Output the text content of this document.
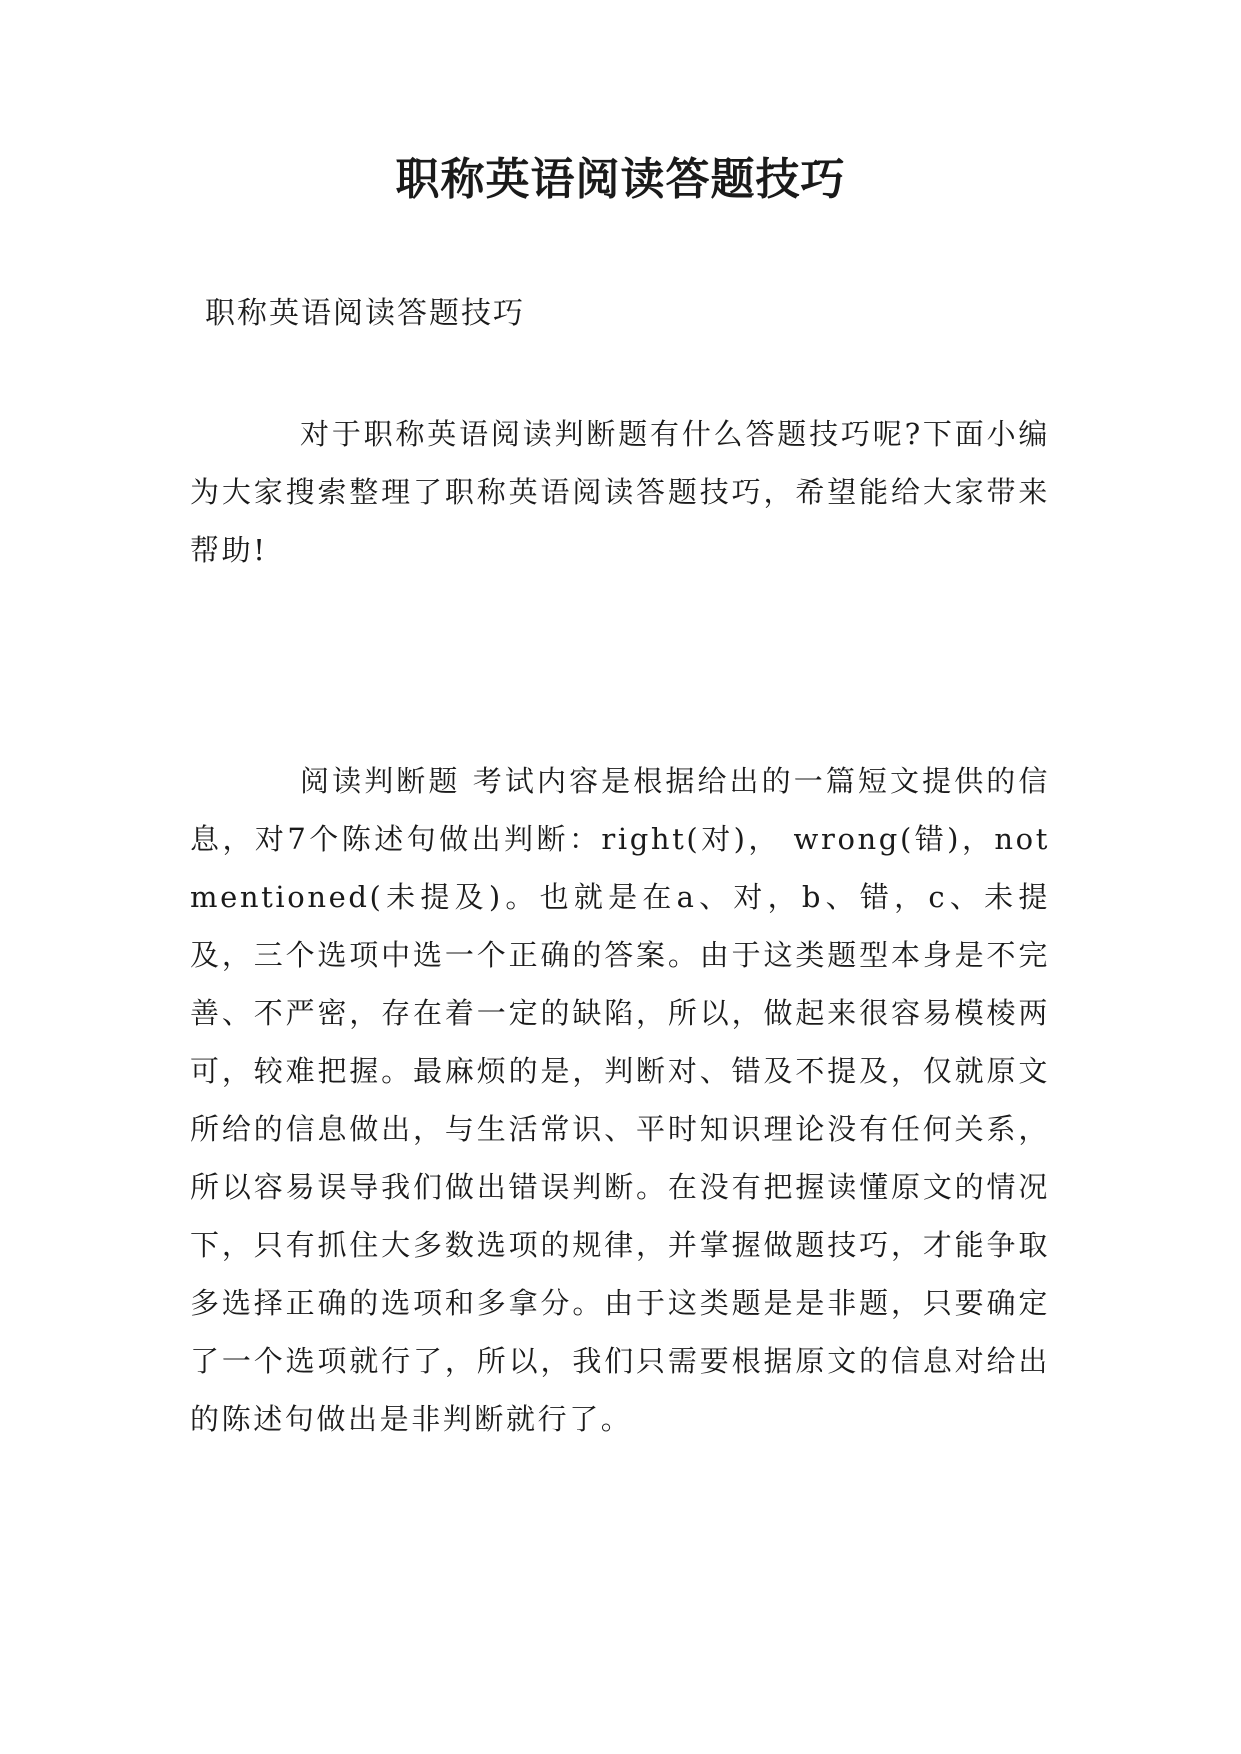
职称英语阅读答题技巧

职称英语阅读答题技巧

对于职称英语阅读判断题有什么答题技巧呢?下面小编为大家搜索整理了职称英语阅读答题技巧，希望能给大家带来帮助!

阅读判断题 考试内容是根据给出的一篇短文提供的信息，对7个陈述句做出判断：right(对)， wrong(错)，not mentioned(未提及)。也就是在a、对，b、错，c、未提及，三个选项中选一个正确的答案。由于这类题型本身是不完善、不严密，存在着一定的缺陷，所以，做起来很容易模棱两可，较难把握。最麻烦的是，判断对、错及不提及，仅就原文所给的信息做出，与生活常识、平时知识理论没有任何关系，所以容易误导我们做出错误判断。在没有把握读懂原文的情况下，只有抓住大多数选项的规律，并掌握做题技巧，才能争取多选择正确的选项和多拿分。由于这类题是是非题，只要确定了一个选项就行了，所以，我们只需要根据原文的信息对给出的陈述句做出是非判断就行了。
